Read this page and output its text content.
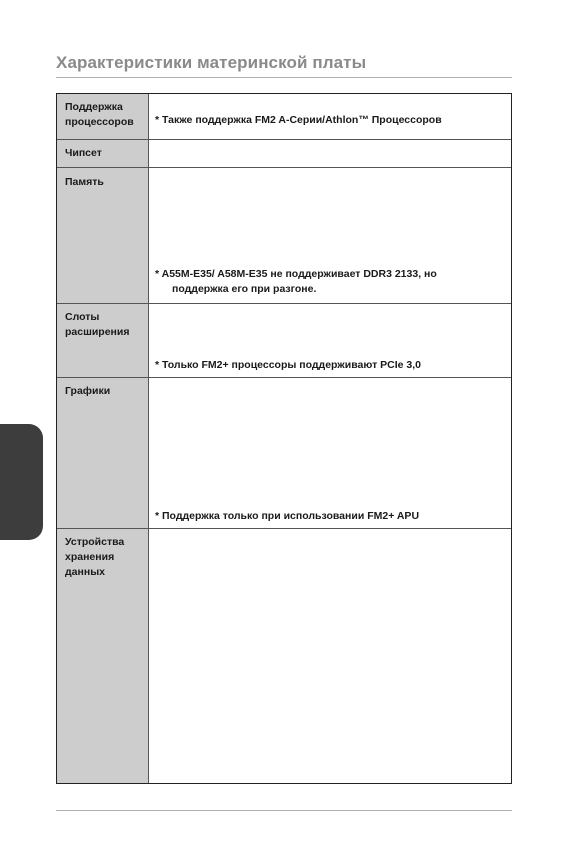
Характеристики материнской платы
Поддержка процессоров	* Также поддержка FM2 A-Серии/Athlon™ Процессоров
Чипсет
Память
* A55M-E35/ A58M-E35 не поддерживает DDR3 2133, но
поддержка его при разгоне.
Слоты расширения
* Только FM2+ процессоры поддерживают PCIe 3,0
Графики
* Поддержка только при использовании FM2+ APU
Устройства хранения данных
